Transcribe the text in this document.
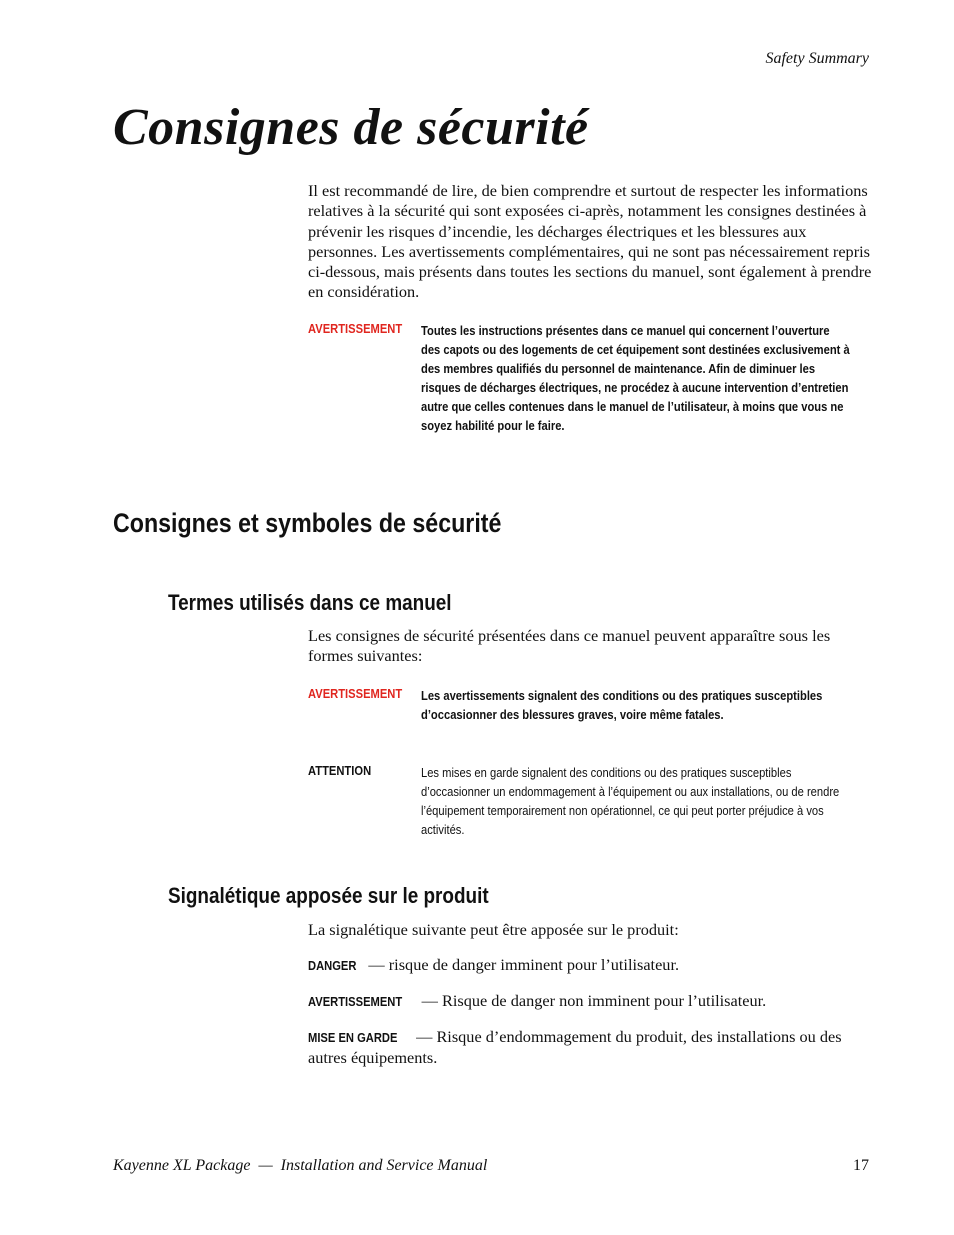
Safety Summary
Consignes de sécurité

Il est recommandé de lire, de bien comprendre et surtout de respecter les informations relatives à la sécurité qui sont exposées ci-après, notamment les consignes destinées à prévenir les risques d’incendie, les décharges électriques et les blessures aux personnes. Les avertissements complémentaires, qui ne sont pas nécessairement repris ci-dessous, mais présents dans toutes les sections du manuel, sont également à prendre en considération.

AVERTISSEMENT Toutes les instructions présentes dans ce manuel qui concernent l’ouverture des capots ou des logements de cet équipement sont destinées exclusivement à des membres qualifiés du personnel de maintenance. Afin de diminuer les risques de décharges électriques, ne procédez à aucune intervention d’entretien autre que celles contenues dans le manuel de l’utilisateur, à moins que vous ne soyez habilité pour le faire.
Consignes et symboles de sécurité
Termes utilisés dans ce manuel

Les consignes de sécurité présentées dans ce manuel peuvent apparaître sous les formes suivantes:

AVERTISSEMENT Les avertissements signalent des conditions ou des pratiques susceptibles d’occasionner des blessures graves, voire même fatales.
ATTENTION	Les mises en garde signalent des conditions ou des pratiques susceptibles d’occasionner un endommagement à l’équipement ou aux installations, ou de rendre l’équipement temporairement non opérationnel, ce qui peut porter préjudice à vos activités.
Signalétique apposée sur le produit

La signalétique suivante peut être apposée sur le produit:

DANGER — risque de danger imminent pour l’utilisateur.

AVERTISSEMENT — Risque de danger non imminent pour l’utilisateur.

MISE EN GARDE — Risque d’endommagement du produit, des installations ou des autres équipements.

Kayenne XL Package  —  Installation and Service Manual	17
